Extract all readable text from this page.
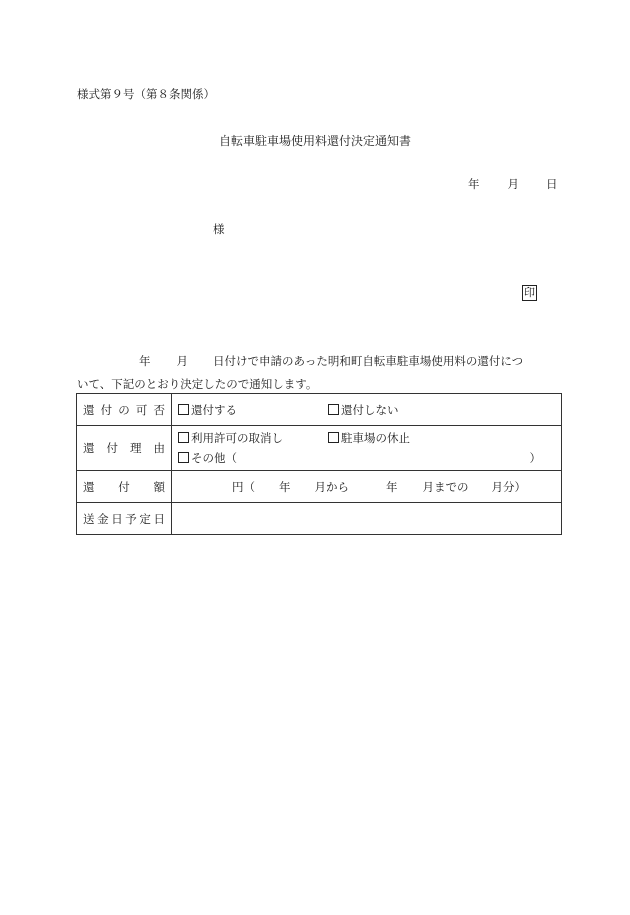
様式第９号（第８条関係）
自転車駐車場使用料還付決定通知書
年 月 日
様
印
年 月 日付けで申請のあった明和町自転車駐車場使用料の還付につ
いて、下記のとおり決定したので通知します。
還付の可否	還付する 還付しない
還付理由	利用許可の取消し 駐車場の休止
その他（ ）

還付額	円（ 年 月から 年 月までの 月分）
送金日予定日	
